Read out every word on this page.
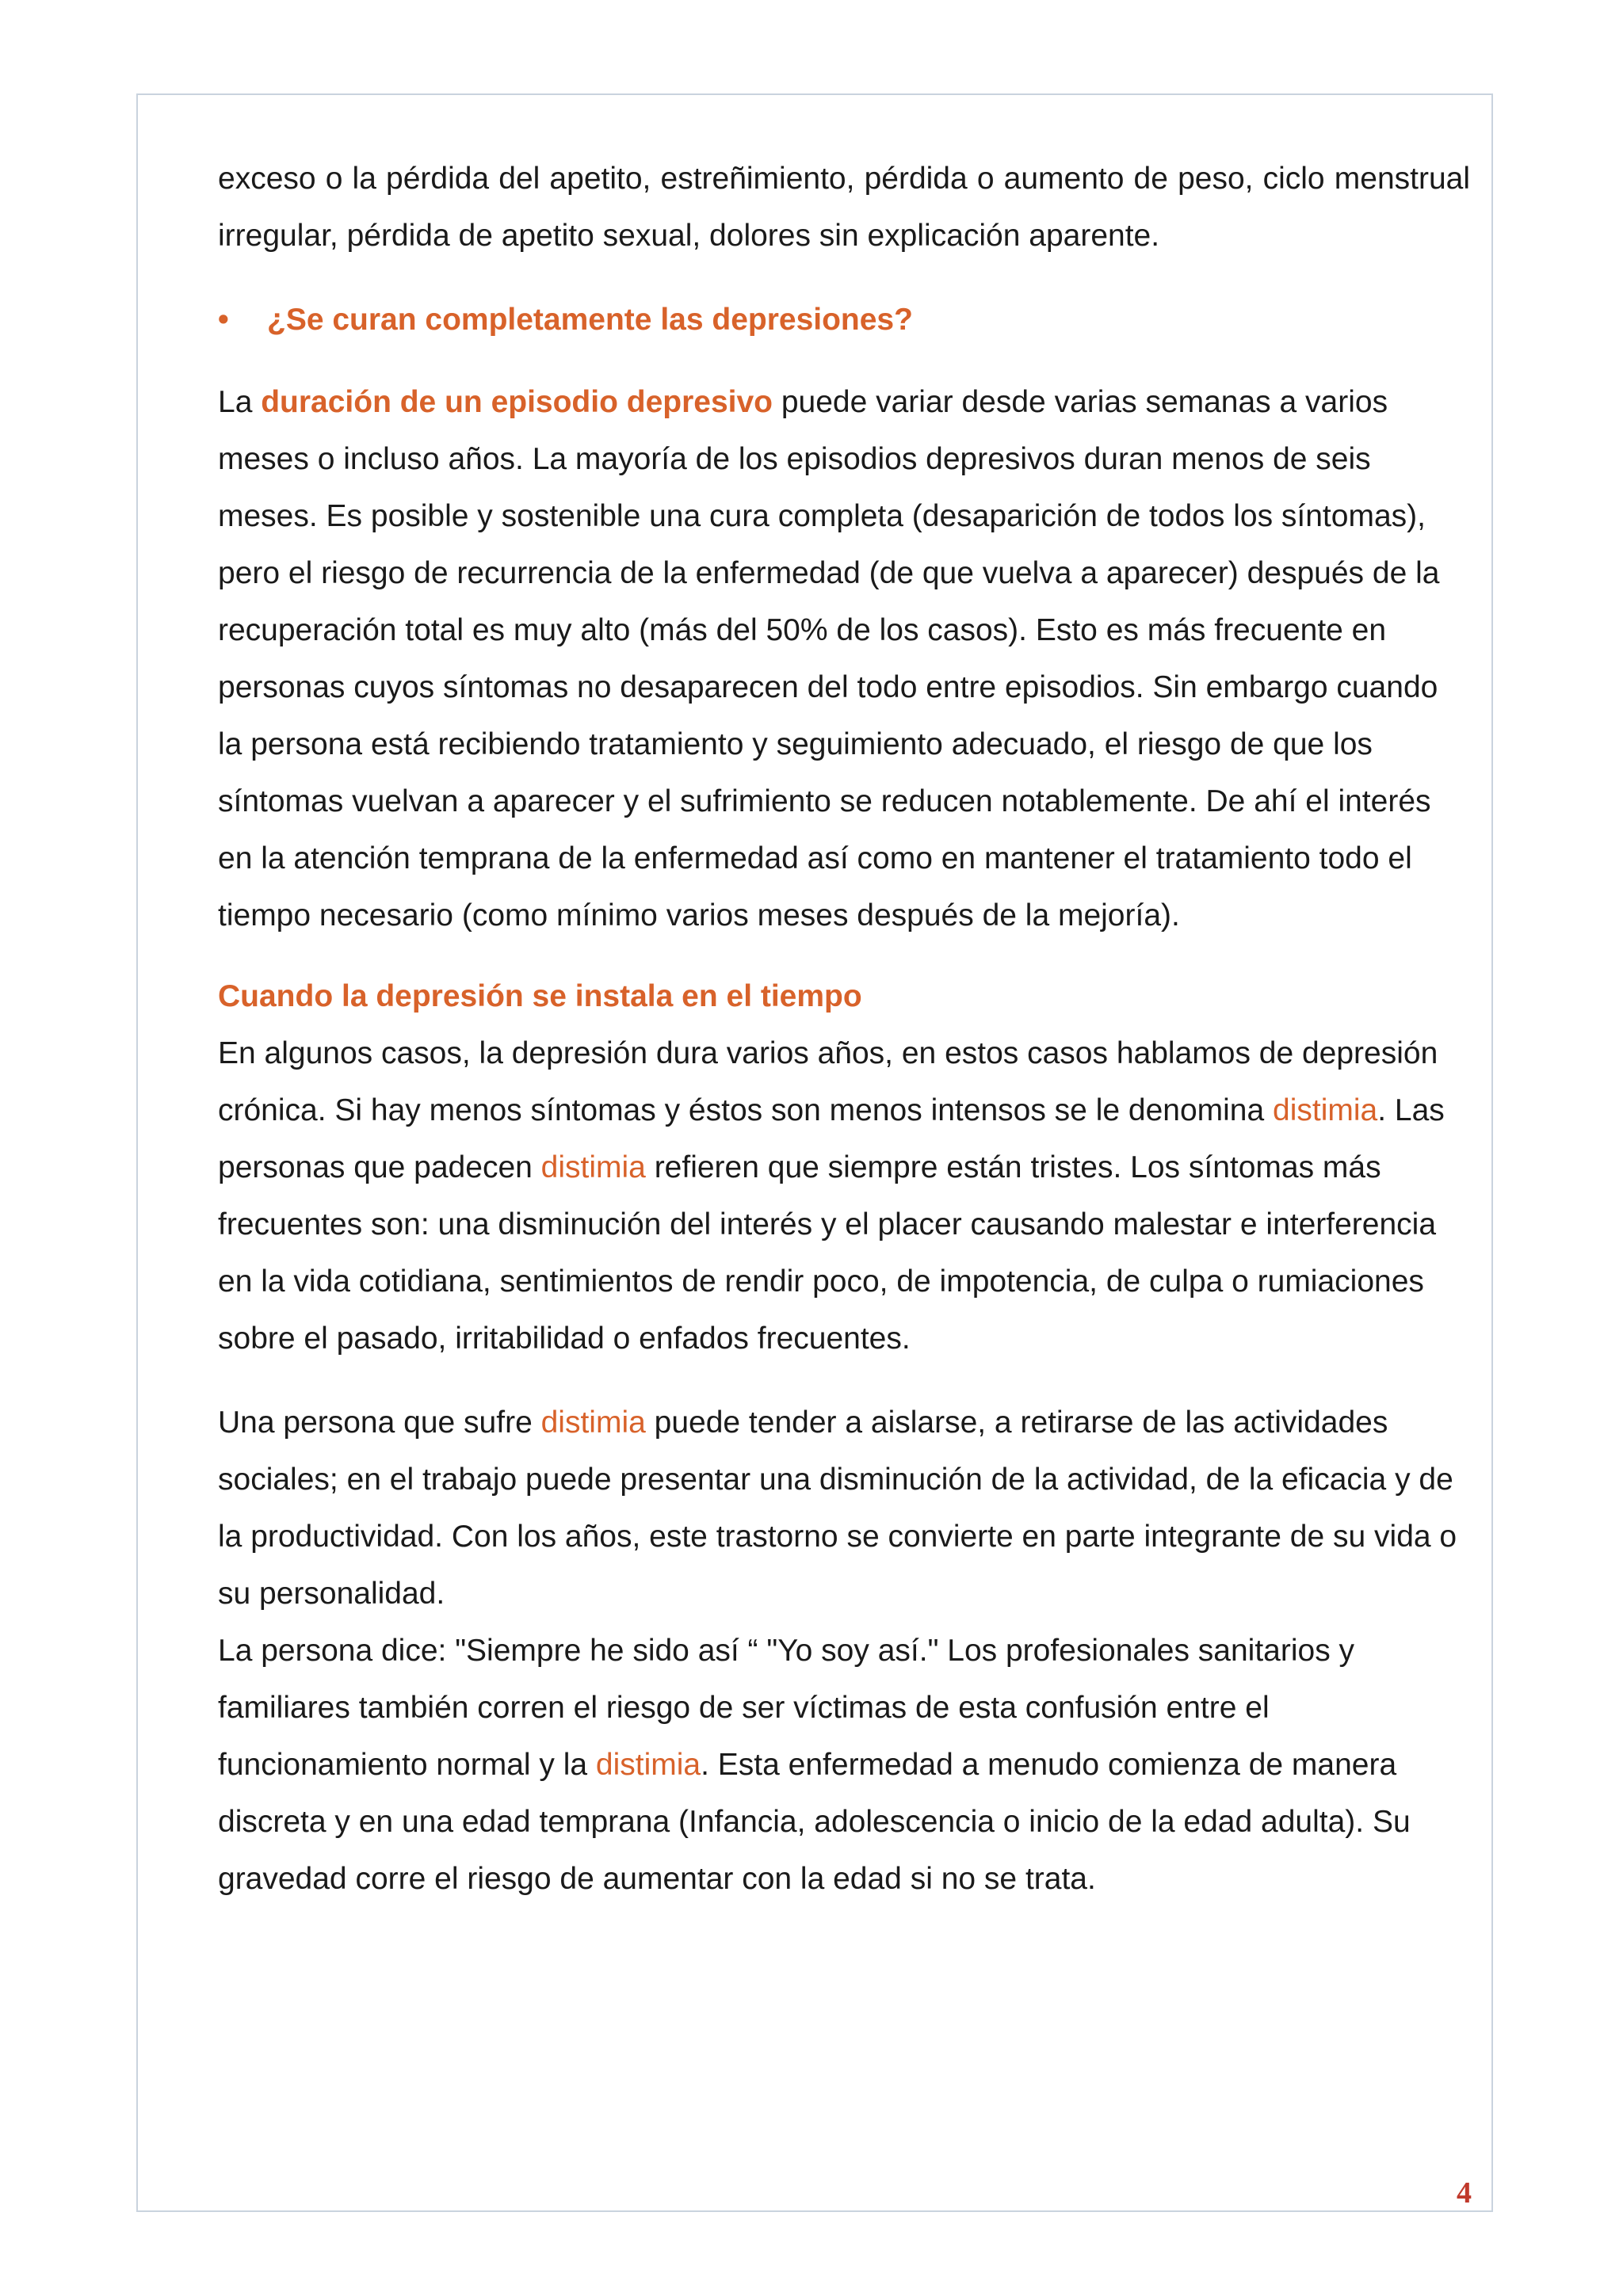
exceso o la pérdida del apetito, estreñimiento, pérdida o aumento de peso, ciclo menstrual irregular, pérdida de apetito sexual, dolores sin explicación aparente.

• ¿Se curan completamente las depresiones?

La duración de un episodio depresivo puede variar desde varias semanas a varios meses o incluso años. La mayoría de los episodios depresivos duran menos de seis meses. Es posible y sostenible una cura completa (desaparición de todos los síntomas), pero el riesgo de recurrencia de la enfermedad (de que vuelva a aparecer) después de la recuperación total es muy alto (más del 50% de los casos). Esto es más frecuente en personas cuyos síntomas no desaparecen del todo entre episodios. Sin embargo cuando la persona está recibiendo tratamiento y seguimiento adecuado, el riesgo de que los síntomas vuelvan a aparecer y el sufrimiento se reducen notablemente. De ahí el interés en la atención temprana de la enfermedad así como en mantener el tratamiento todo el tiempo necesario (como mínimo varios meses después de la mejoría).

Cuando la depresión se instala en el tiempo

En algunos casos, la depresión dura varios años, en estos casos hablamos de depresión crónica. Si hay menos síntomas y éstos son menos intensos se le denomina distimia. Las personas que padecen distimia refieren que siempre están tristes. Los síntomas más frecuentes son: una disminución del interés y el placer causando malestar e interferencia en la vida cotidiana, sentimientos de rendir poco, de impotencia, de culpa o rumiaciones sobre el pasado, irritabilidad o enfados frecuentes.

Una persona que sufre distimia puede tender a aislarse, a retirarse de las actividades sociales; en el trabajo puede presentar una disminución de la actividad, de la eficacia y de la productividad. Con los años, este trastorno se convierte en parte integrante de su vida o su personalidad.

La persona dice: "Siempre he sido así “ "Yo soy así." Los profesionales sanitarios y familiares también corren el riesgo de ser víctimas de esta confusión entre el funcionamiento normal y la distimia. Esta enfermedad a menudo comienza de manera discreta y en una edad temprana (Infancia, adolescencia o inicio de la edad adulta). Su gravedad corre el riesgo de aumentar con la edad si no se trata.

4
